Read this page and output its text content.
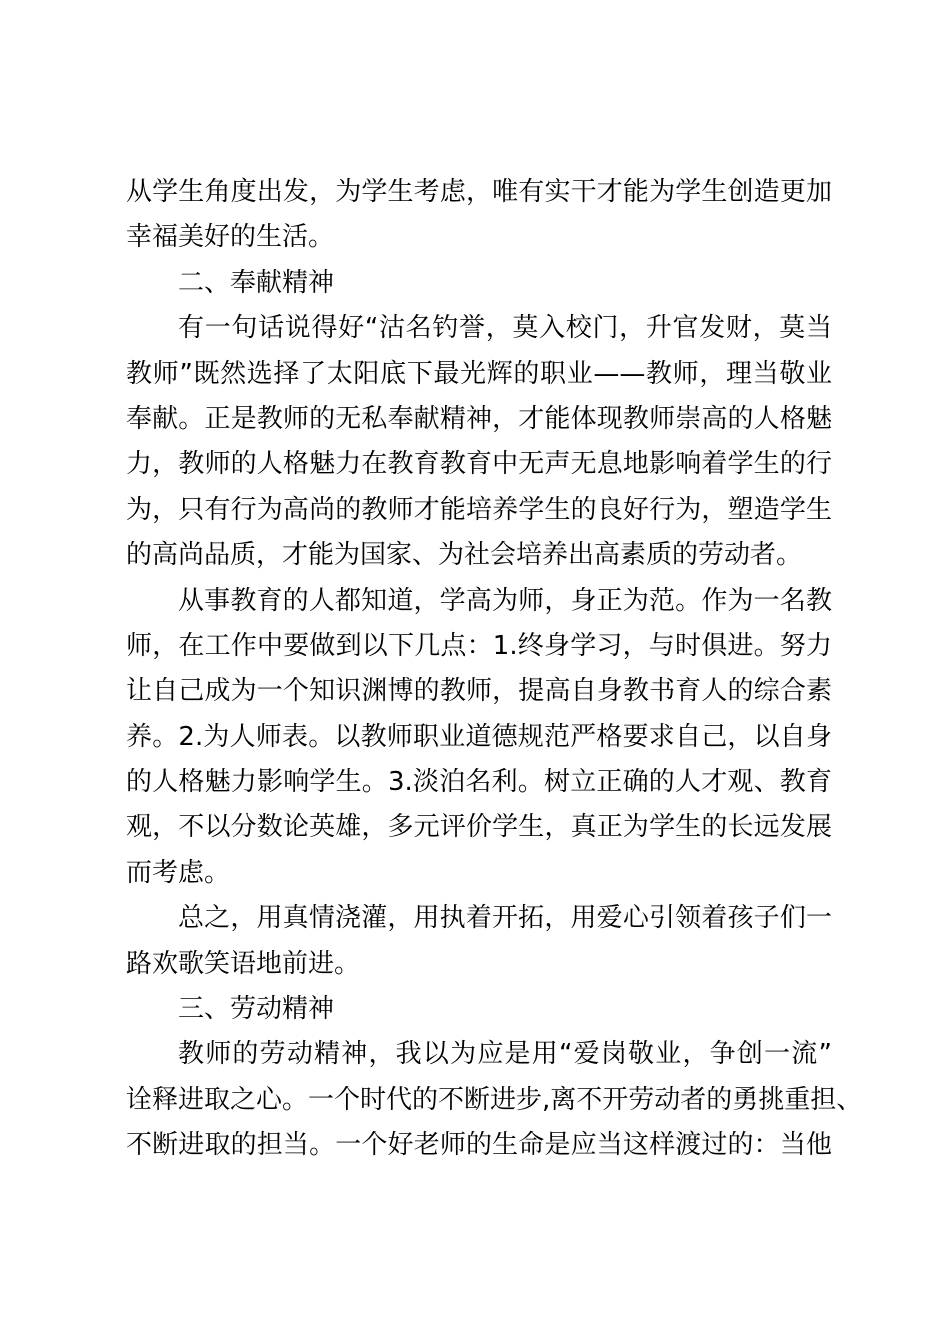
从学生角度出发，为学生考虑，唯有实干才能为学生创造更加
幸福美好的生活。
二、奉献精神
有一句话说得好“沽名钓誉，莫入校门，升官发财，莫当
教师”既然选择了太阳底下最光辉的职业——教师，理当敬业
奉献。正是教师的无私奉献精神，才能体现教师崇高的人格魅
力，教师的人格魅力在教育教育中无声无息地影响着学生的行
为，只有行为高尚的教师才能培养学生的良好行为，塑造学生
的高尚品质，才能为国家、为社会培养出高素质的劳动者。
从事教育的人都知道，学高为师，身正为范。作为一名教
师，在工作中要做到以下几点：1.终身学习，与时俱进。努力
让自己成为一个知识渊博的教师，提高自身教书育人的综合素
养。2.为人师表。以教师职业道德规范严格要求自己，以自身
的人格魅力影响学生。3.淡泊名利。树立正确的人才观、教育
观，不以分数论英雄，多元评价学生，真正为学生的长远发展
而考虑。
总之，用真情浇灌，用执着开拓，用爱心引领着孩子们一
路欢歌笑语地前进。
三、劳动精神
教师的劳动精神，我以为应是用“爱岗敬业，争创一流”
诠释进取之心。一个时代的不断进步,离不开劳动者的勇挑重担、
不断进取的担当。一个好老师的生命是应当这样渡过的：当他
